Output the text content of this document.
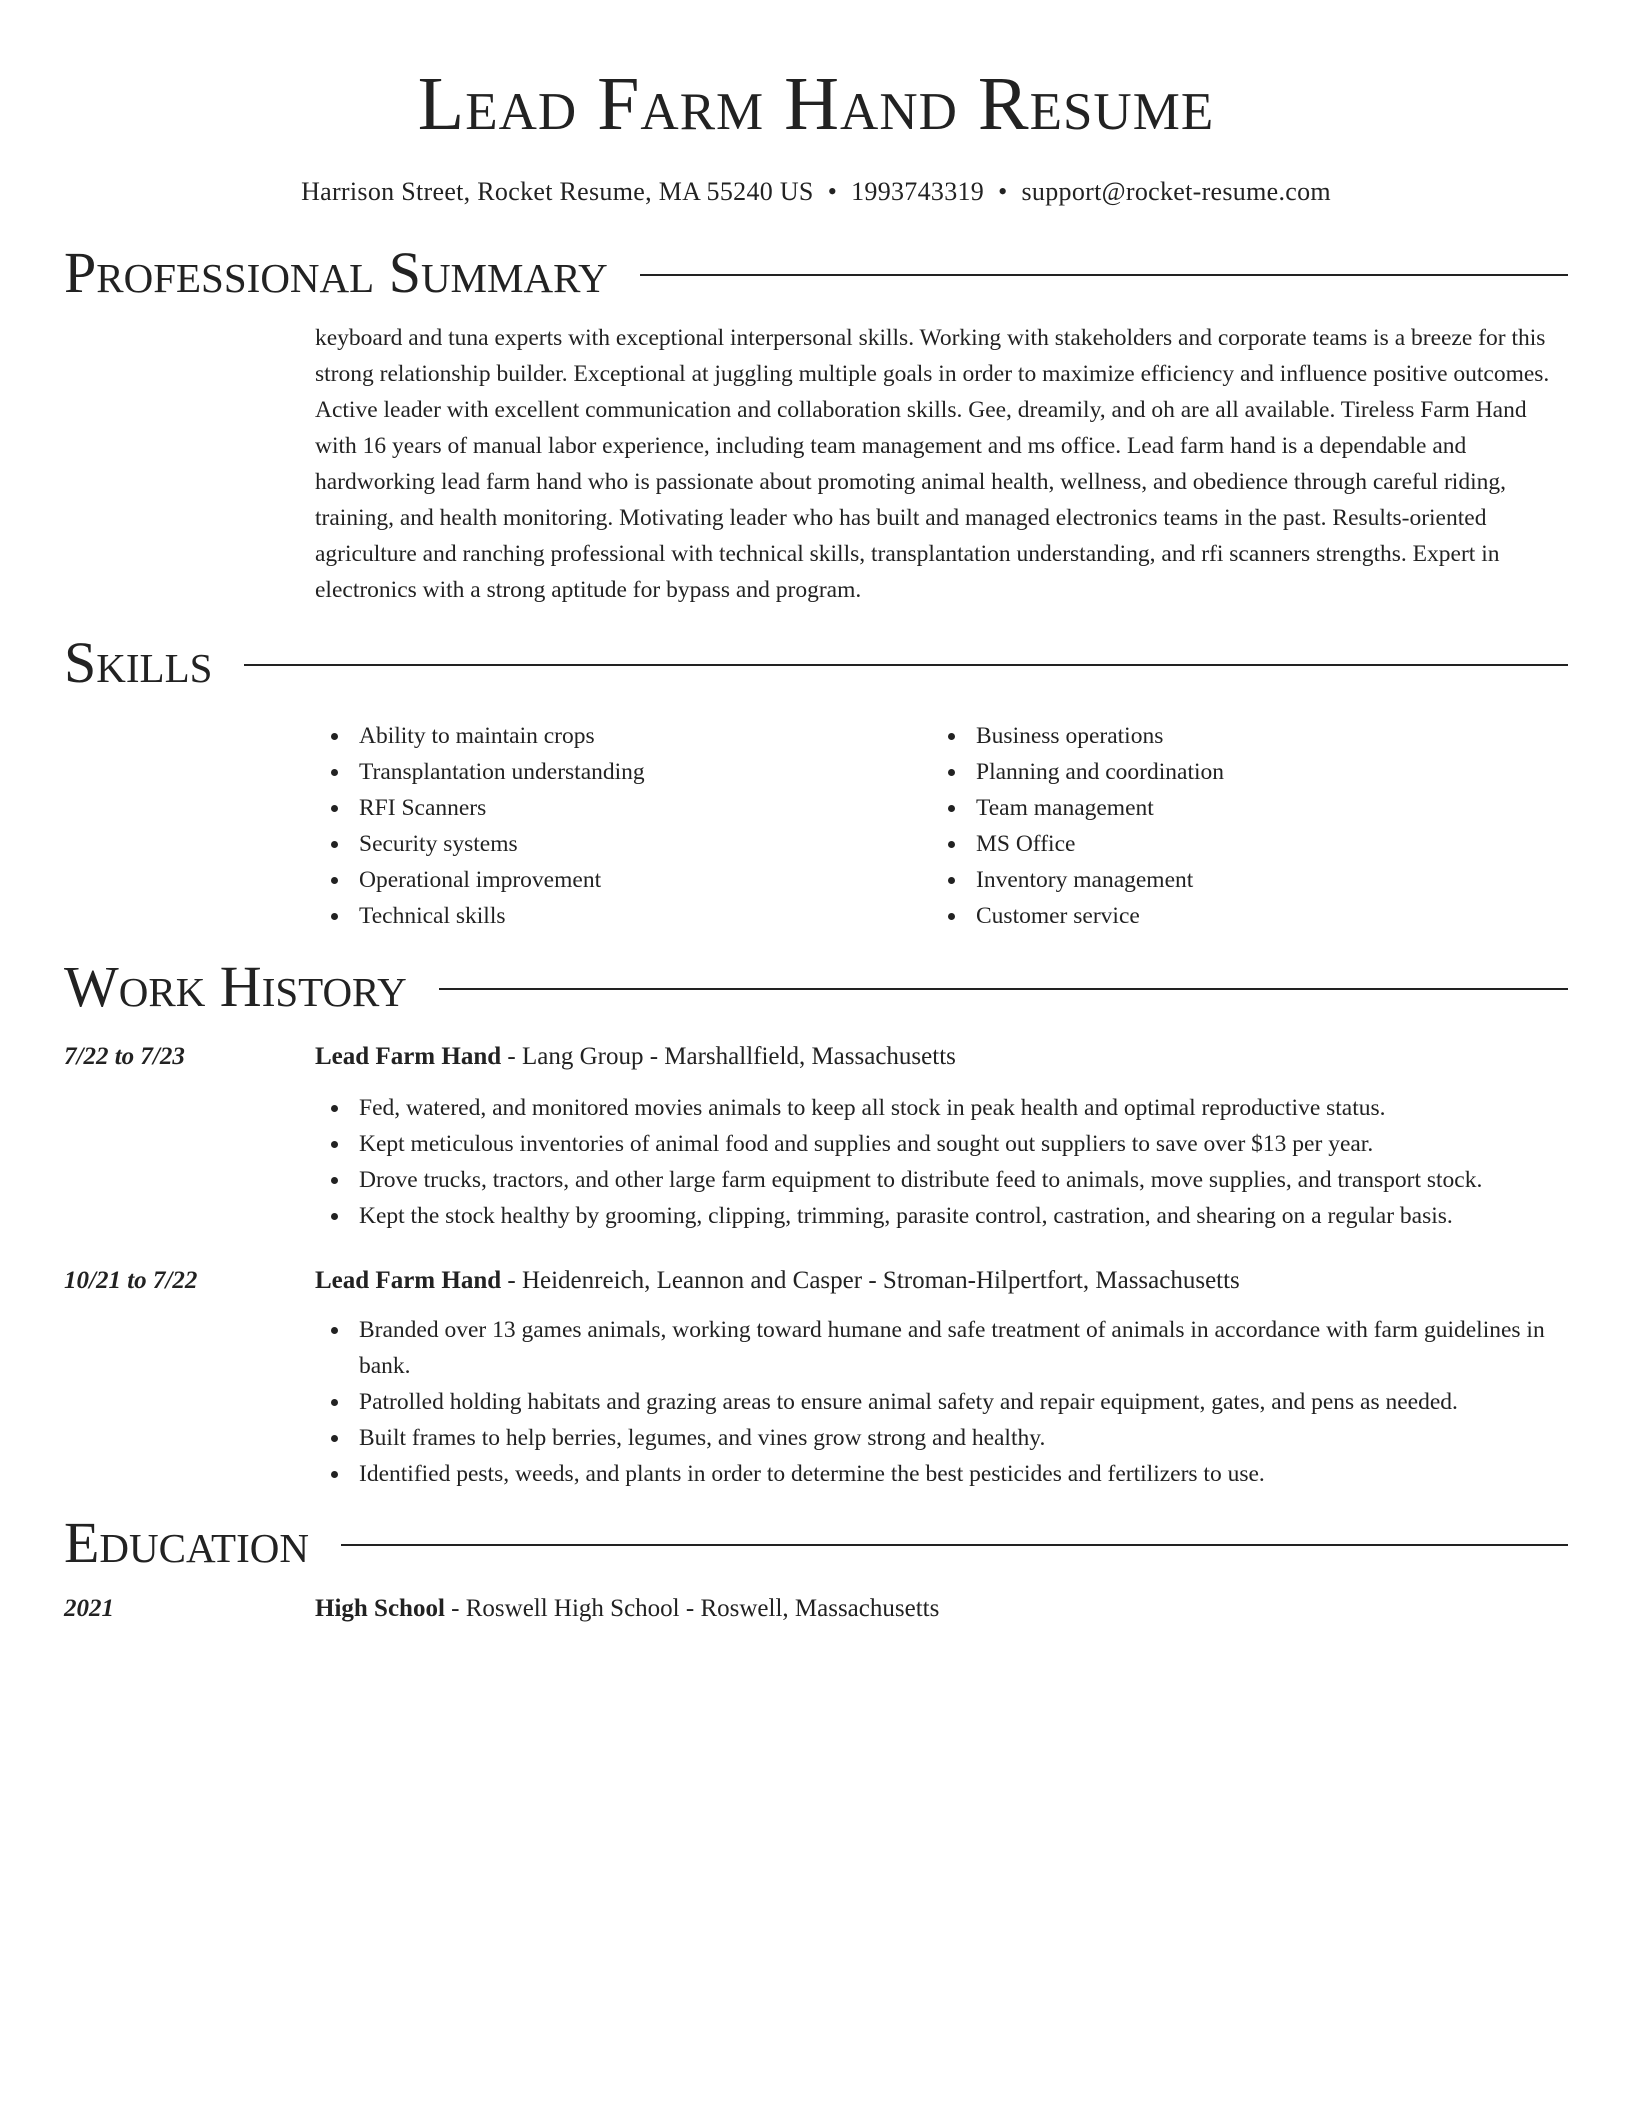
Lead Farm Hand Resume
Harrison Street, Rocket Resume, MA 55240 US • 1993743319 • support@rocket-resume.com
Professional Summary

keyboard and tuna experts with exceptional interpersonal skills. Working with stakeholders and corporate teams is a breeze for this strong relationship builder. Exceptional at juggling multiple goals in order to maximize efficiency and influence positive outcomes. Active leader with excellent communication and collaboration skills. Gee, dreamily, and oh are all available. Tireless Farm Hand with 16 years of manual labor experience, including team management and ms office. Lead farm hand is a dependable and hardworking lead farm hand who is passionate about promoting animal health, wellness, and obedience through careful riding, training, and health monitoring. Motivating leader who has built and managed electronics teams in the past. Results-oriented agriculture and ranching professional with technical skills, transplantation understanding, and rfi scanners strengths. Expert in electronics with a strong aptitude for bypass and program.

Skills
Ability to maintain crops
Transplantation understanding
RFI Scanners
Security systems
Operational improvement
Technical skills
Business operations
Planning and coordination
Team management
MS Office
Inventory management
Customer service
Work History
7/22 to 7/23	Lead Farm Hand - Lang Group - Marshallfield, Massachusetts
Fed, watered, and monitored movies animals to keep all stock in peak health and optimal reproductive status.
Kept meticulous inventories of animal food and supplies and sought out suppliers to save over $13 per year.
Drove trucks, tractors, and other large farm equipment to distribute feed to animals, move supplies, and transport stock.
Kept the stock healthy by grooming, clipping, trimming, parasite control, castration, and shearing on a regular basis.
10/21 to 7/22	Lead Farm Hand - Heidenreich, Leannon and Casper - Stroman-Hilpertfort, Massachusetts
Branded over 13 games animals, working toward humane and safe treatment of animals in accordance with farm guidelines in bank.
Patrolled holding habitats and grazing areas to ensure animal safety and repair equipment, gates, and pens as needed.
Built frames to help berries, legumes, and vines grow strong and healthy.
Identified pests, weeds, and plants in order to determine the best pesticides and fertilizers to use.
Education
2021	High School - Roswell High School - Roswell, Massachusetts
